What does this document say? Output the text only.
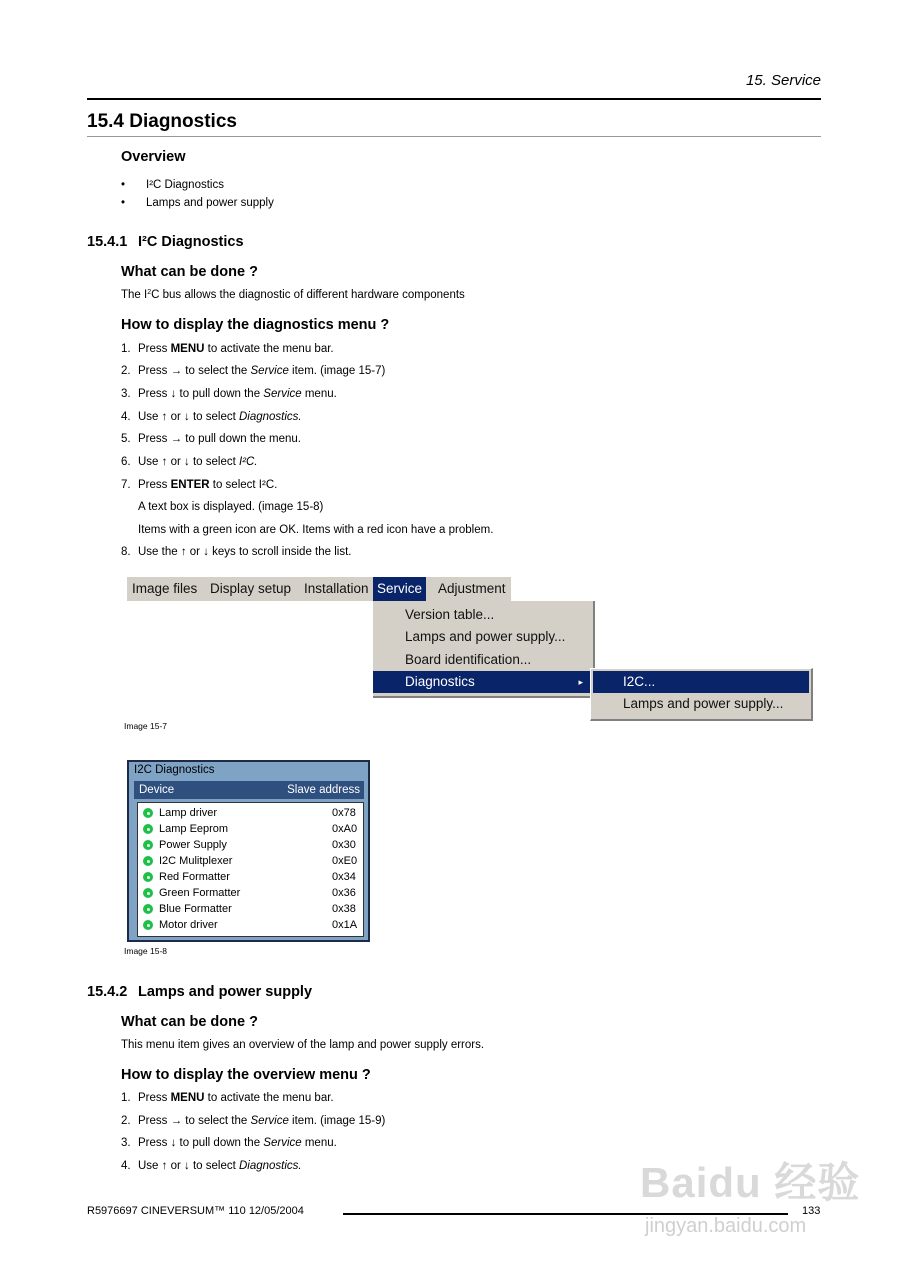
15. Service
15.4 Diagnostics
Overview
• I²C Diagnostics
• Lamps and power supply
15.4.1 I²C Diagnostics
What can be done ?
The $I^2C$ bus allows the diagnostic of different hardware components
How to display the diagnostics menu ?
1. Press MENU to activate the menu bar.
2. Press → to select the Service item. (image 15-7)
3. Press ↓ to pull down the Service menu.
4. Use ↑ or ↓ to select Diagnostics.
5. Press → to pull down the menu.
6. Use ↑ or ↓ to select I²C.
7. Press ENTER to select I²C.
A text box is displayed. (image 15-8)
Items with a green icon are OK. Items with a red icon have a problem.
8. Use the ↑ or ↓ keys to scroll inside the list.
Image files Display setup Installation Service Adjustment
Version table...
Lamps and power supply...
Board identification...
Diagnostics	▸	I2C...
Lamps and power supply...
Image 15-7
I2C Diagnostics
Device	Slave address
Lamp driver	0x78
Lamp Eeprom	0xA0
Power Supply	0x30
I2C Mulitplexer	0xE0
Red Formatter	0x34
Green Formatter	0x36
Blue Formatter	0x38
Motor driver	0x1A
Image 15-8
15.4.2 Lamps and power supply
What can be done ?
This menu item gives an overview of the lamp and power supply errors.
How to display the overview menu ?
1. Press MENU to activate the menu bar.
2. Press → to select the Service item. (image 15-9)
3. Press ↓ to pull down the Service menu.
4. Use ↑ or ↓ to select Diagnostics.
R5976697 CINEVERSUM™ 110 12/05/2004	133
Baidu 经验
jingyan.baidu.com
